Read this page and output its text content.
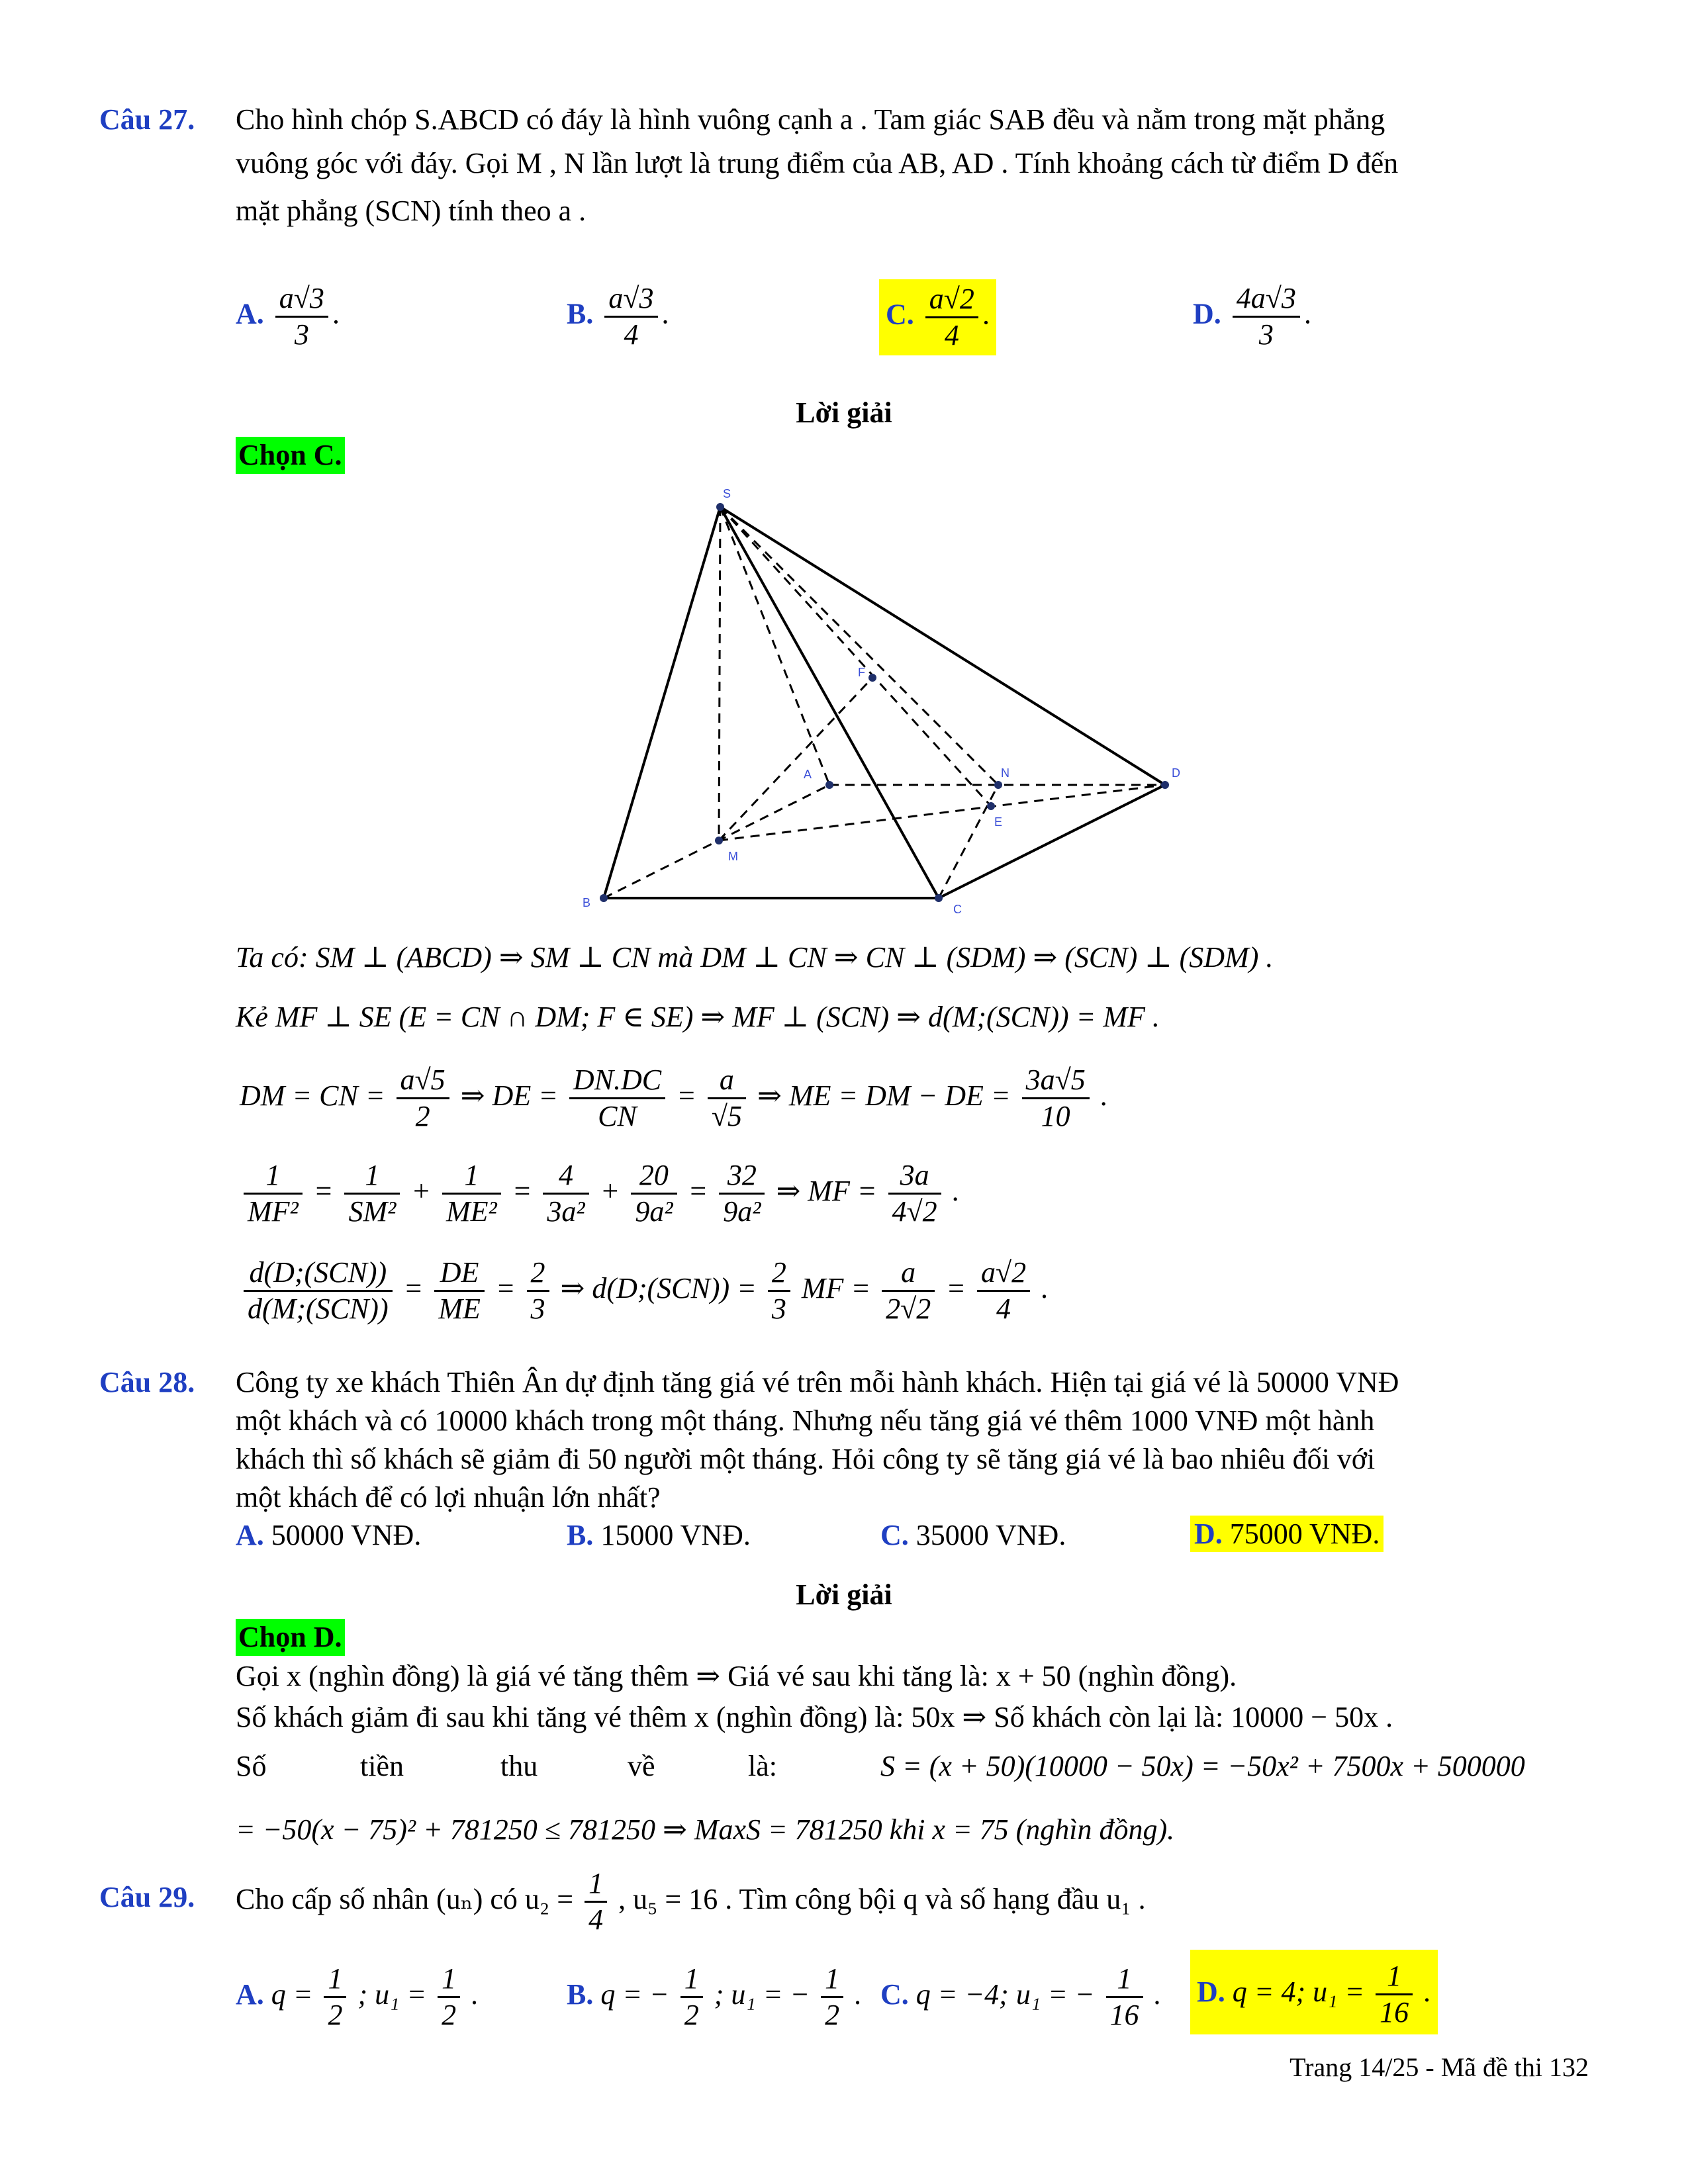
Câu 27. Cho hình chóp S.ABCD có đáy là hình vuông cạnh a . Tam giác SAB đều và nằm trong mặt phẳng
vuông góc với đáy. Gọi M , N lần lượt là trung điểm của AB, AD . Tính khoảng cách từ điểm D đến
mặt phẳng (SCN) tính theo a .
A. $\frac{a√3}{3}$ .	B. $\frac{a√3}{4}$ .	C. $\frac{a√2}{4}$ .	D. $\frac{4a√3}{3}$ .
Lời giải
Chọn C.
S
A
B	C
D
M
N
E
F
Ta có: SM ⊥ (ABCD) ⇒ SM ⊥ CN mà DM ⊥ CN ⇒ CN ⊥ (SDM) ⇒ (SCN) ⊥ (SDM) .
Kẻ MF ⊥ SE (E = CN ∩ DM; F ∈ SE) ⇒ MF ⊥ (SCN) ⇒ d(M;(SCN)) = MF .
DM = CN = $\frac{a√5}{2}$ ⇒ DE = $\frac{DN.DC}{CN} = \frac{a}{√5}$ ⇒ ME = DM − DE = $\frac{3a√5}{10}$ .
$\frac{1}{\text{MF²}} = \frac{1}{\text{SM²}} + \frac{1}{\text{ME²}} = \frac{4}{\text{3a²}} + \frac{20}{\text{9a²}} = \frac{32}{\text{9a²}}$ ⇒ MF = $\frac{3a}{4√2}$ .
$\frac{\text{d(D;(SCN))}}{\text{d(M;(SCN))}} = \frac{DE}{ME} = \frac{2}{3}$ ⇒ d(D;(SCN)) = $\frac{2}{3}$ MF = $\frac{a}{2√2} = \frac{a√2}{4}$ .
Câu 28. Công ty xe khách Thiên Ân dự định tăng giá vé trên mỗi hành khách. Hiện tại giá vé là 50000 VNĐ
một khách và có 10000 khách trong một tháng. Nhưng nếu tăng giá vé thêm 1000 VNĐ một hành
khách thì số khách sẽ giảm đi 50 người một tháng. Hỏi công ty sẽ tăng giá vé là bao nhiêu đối với
một khách để có lợi nhuận lớn nhất?
A. 50000 VNĐ.	B. 15000 VNĐ.	C. 35000 VNĐ.	D. 75000 VNĐ.
Lời giải
Chọn D.
Gọi x (nghìn đồng) là giá vé tăng thêm ⇒ Giá vé sau khi tăng là: x + 50 (nghìn đồng).
Số khách giảm đi sau khi tăng vé thêm x (nghìn đồng) là: 50x ⇒ Số khách còn lại là: 10000 − 50x .
Số	tiền	thu	về	là:	S = (x + 50)(10000 − 50x) = −50x² + 7500x + 500000
= −50(x − 75)² + 781250 ≤ 781250 ⇒ MaxS = 781250 khi x = 75 (nghìn đồng).
Câu 29. Cho cấp số nhân (uₙ) có $u_2 = \frac{1}{4}$ , u₅ = 16 . Tìm công bội q và số hạng đầu u₁ .
A. $q = \frac{1}{2}$ ; $u_1 = \frac{1}{2}$ .	B. q = − $\frac{1}{2}$ ; u₁ = − $\frac{1}{2}$ . C. q = −4; u₁ = − $\frac{1}{16}$ . D. q = 4; $u_1 = \frac{1}{16}$ .
Trang 14/25 - Mã đề thi 132
